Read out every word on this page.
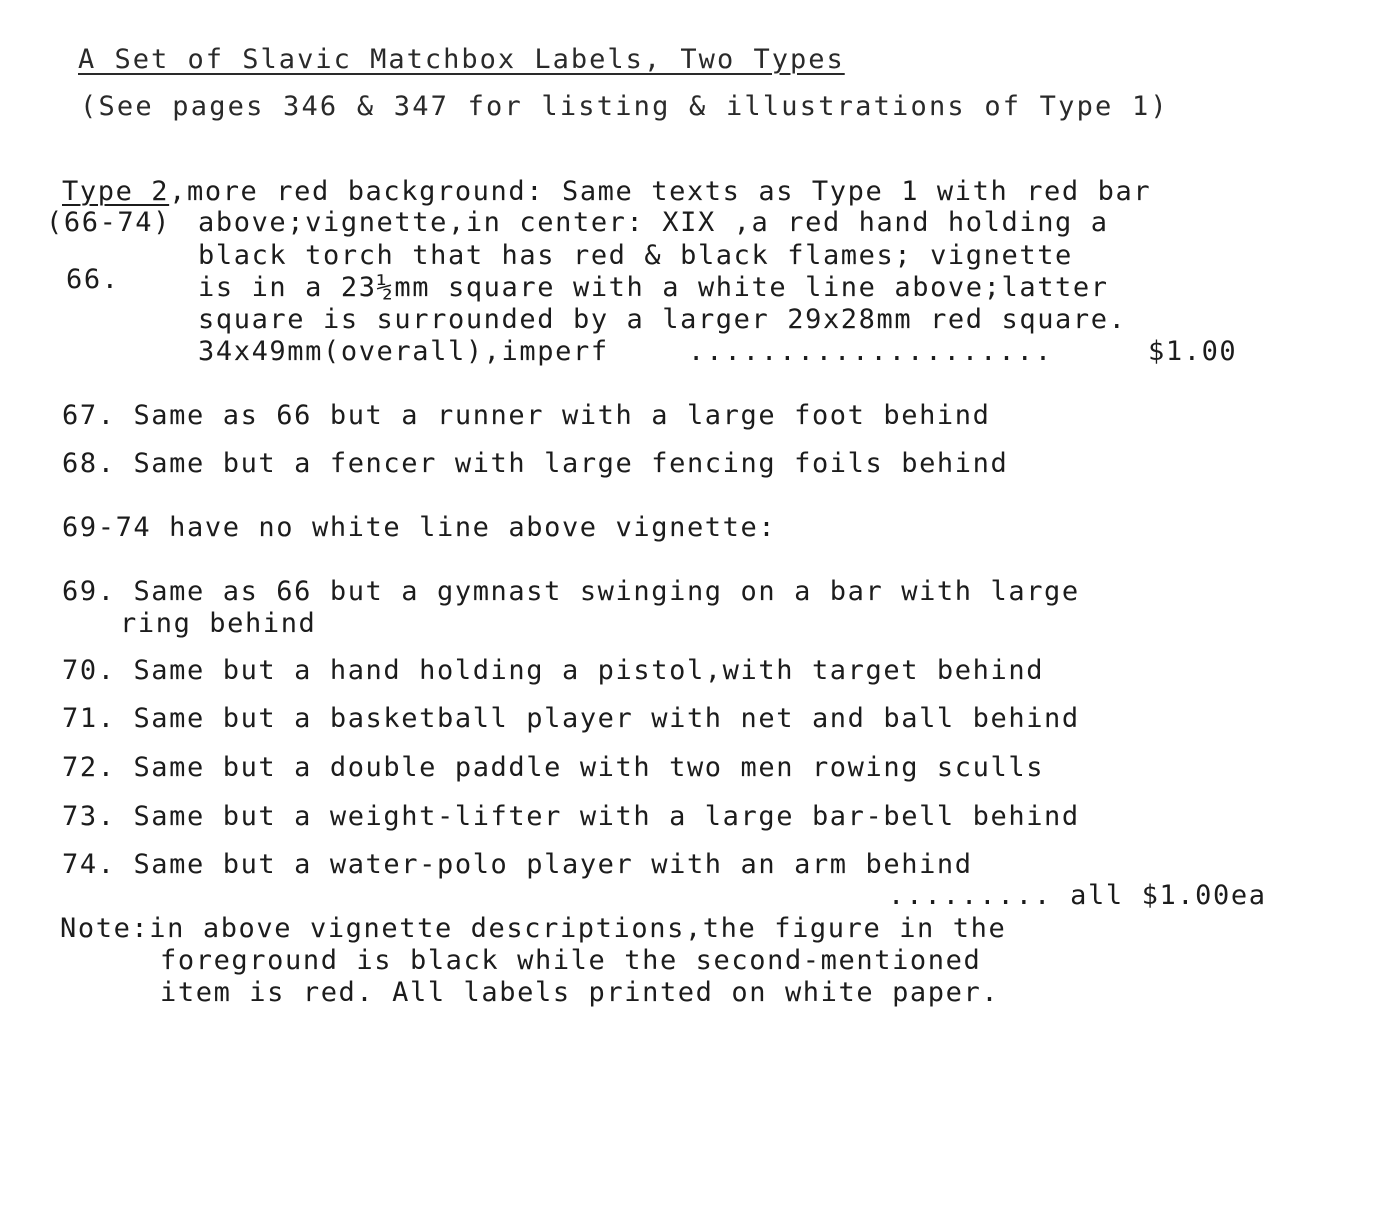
A Set of Slavic Matchbox Labels, Two Types
(See pages 346 & 347 for listing & illustrations of Type 1)
Type 2,more red background: Same texts as Type 1 with red bar
(66-74) above;vignette,in center: XIX ,a red hand holding a
black torch that has red & black flames; vignette
66.	is in a 23½mm square with a white line above;latter
square is surrounded by a larger 29x28mm red square.
34x49mm(overall),imperf	....................	$1.00
67. Same as 66 but a runner with a large foot behind
68. Same but a fencer with large fencing foils behind
69-74 have no white line above vignette:
69. Same as 66 but a gymnast swinging on a bar with large
ring behind
70. Same but a hand holding a pistol,with target behind
71. Same but a basketball player with net and ball behind
72. Same but a double paddle with two men rowing sculls
73. Same but a weight-lifter with a large bar-bell behind
74. Same but a water-polo player with an arm behind
......... all $1.00ea
Note:in above vignette descriptions,the figure in the
foreground is black while the second-mentioned
item is red. All labels printed on white paper.
